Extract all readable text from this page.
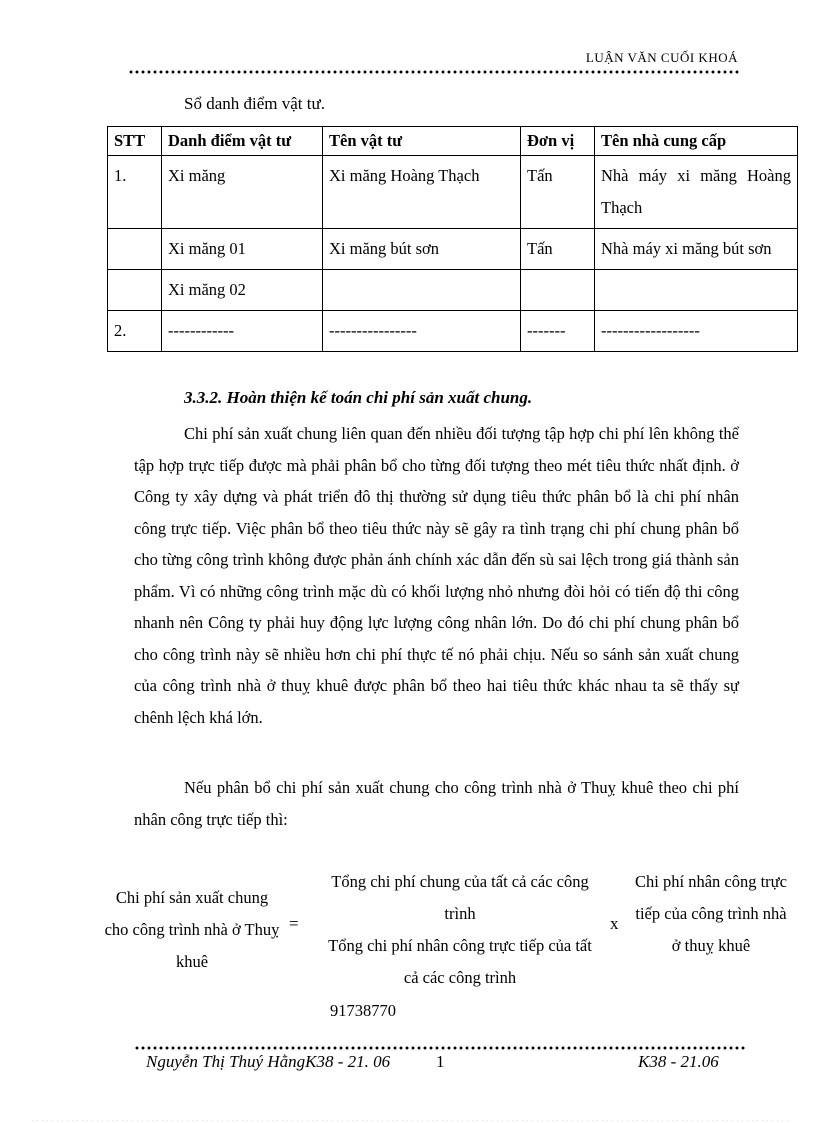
LUẬN VĂN CUỐI KHOÁ
Sổ danh điểm vật tư.
STT	Danh điểm vật tư	Tên vật tư	Đơn vị	Tên nhà cung cấp
1.	Xi măng	Xi măng Hoàng Thạch	Tấn	Nhà máy xi măng Hoàng Thạch
	Xi măng 01	Xi măng bút sơn	Tấn	Nhà máy xi măng bút sơn
	Xi măng 02			
2.	------------	----------------	-------	------------------
3.3.2. Hoàn thiện kế toán chi phí sản xuất chung.
Chi phí sản xuất chung liên quan đến nhiều đối tượng tập hợp chi phí lên không thể tập hợp trực tiếp được mà phải phân bổ cho từng đối tượng theo mét tiêu thức nhất định. ở Công ty xây dựng và phát triển đô thị thường sử dụng tiêu thức phân bổ là chi phí nhân công trực tiếp. Việc phân bổ theo tiêu thức này sẽ gây ra tình trạng chi phí chung phân bổ cho từng công trình không được phản ánh chính xác dẫn đến sù sai lệch trong giá thành sản phẩm. Vì có những công trình mặc dù có khối lượng nhỏ nhưng đòi hỏi có tiến độ thi công nhanh nên Công ty phải huy động lực lượng công nhân lớn. Do đó chi phí chung phân bổ cho công trình này sẽ nhiều hơn chi phí thực tế nó phải chịu. Nếu so sánh sản xuất chung của công trình nhà ở thuỵ khuê được phân bổ theo hai tiêu thức khác nhau ta sẽ thấy sự chênh lệch khá lớn.
Nếu phân bổ chi phí sản xuất chung cho công trình nhà ở Thuỵ khuê theo chi phí nhân công trực tiếp thì:
Chi phí sản xuất chung cho công trình nhà ở Thuỵ khuê
=
Tổng chi phí chung của tất cả các công trình
Tổng chi phí nhân công trực tiếp của tất cả các công trình
x
Chi phí nhân công trực tiếp của công trình nhà ở thuỵ khuê
91738770
Nguyễn Thị Thuý HằngK38 - 21. 06	1	K38 - 21.06
